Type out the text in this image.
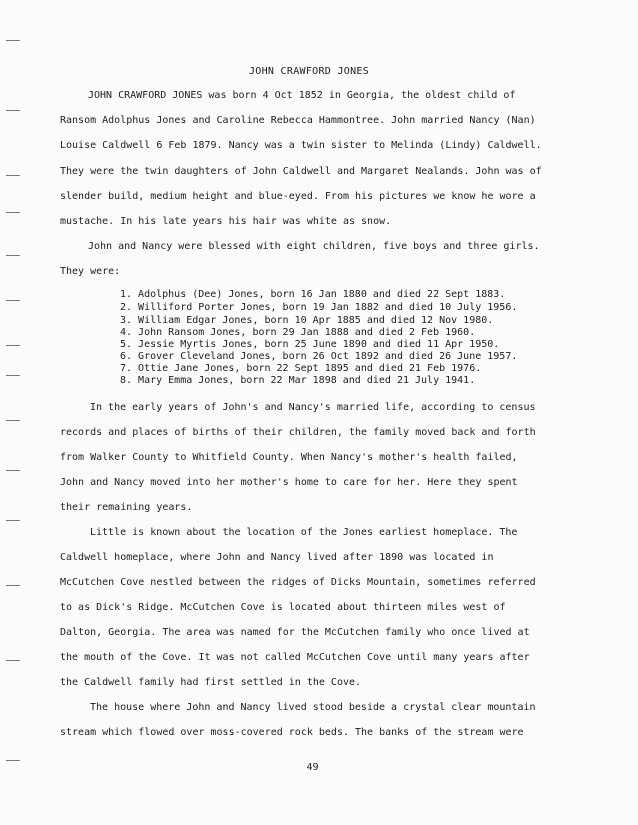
JOHN CRAWFORD JONES
JOHN CRAWFORD JONES was born 4 Oct 1852 in Georgia, the oldest child of
Ransom Adolphus Jones and Caroline Rebecca Hammontree. John married Nancy (Nan)
Louise Caldwell 6 Feb 1879. Nancy was a twin sister to Melinda (Lindy) Caldwell.
They were the twin daughters of John Caldwell and Margaret Nealands. John was of
slender build, medium height and blue-eyed. From his pictures we know he wore a
mustache. In his late years his hair was white as snow.
John and Nancy were blessed with eight children, five boys and three girls.
They were:
1. Adolphus (Dee) Jones, born 16 Jan 1880 and died 22 Sept 1883.
2. Williford Porter Jones, born 19 Jan 1882 and died 10 July 1956.
3. William Edgar Jones, born 10 Apr 1885 and died 12 Nov 1980.
4. John Ransom Jones, born 29 Jan 1888 and died 2 Feb 1960.
5. Jessie Myrtis Jones, born 25 June 1890 and died 11 Apr 1950.
6. Grover Cleveland Jones, born 26 Oct 1892 and died 26 June 1957.
7. Ottie Jane Jones, born 22 Sept 1895 and died 21 Feb 1976.
8. Mary Emma Jones, born 22 Mar 1898 and died 21 July 1941.
In the early years of John's and Nancy's married life, according to census
records and places of births of their children, the family moved back and forth
from Walker County to Whitfield County. When Nancy's mother's health failed,
John and Nancy moved into her mother's home to care for her. Here they spent
their remaining years.
Little is known about the location of the Jones earliest homeplace. The
Caldwell homeplace, where John and Nancy lived after 1890 was located in
McCutchen Cove nestled between the ridges of Dicks Mountain, sometimes referred
to as Dick's Ridge. McCutchen Cove is located about thirteen miles west of
Dalton, Georgia. The area was named for the McCutchen family who once lived at
the mouth of the Cove. It was not called McCutchen Cove until many years after
the Caldwell family had first settled in the Cove.
The house where John and Nancy lived stood beside a crystal clear mountain
stream which flowed over moss-covered rock beds. The banks of the stream were
49
